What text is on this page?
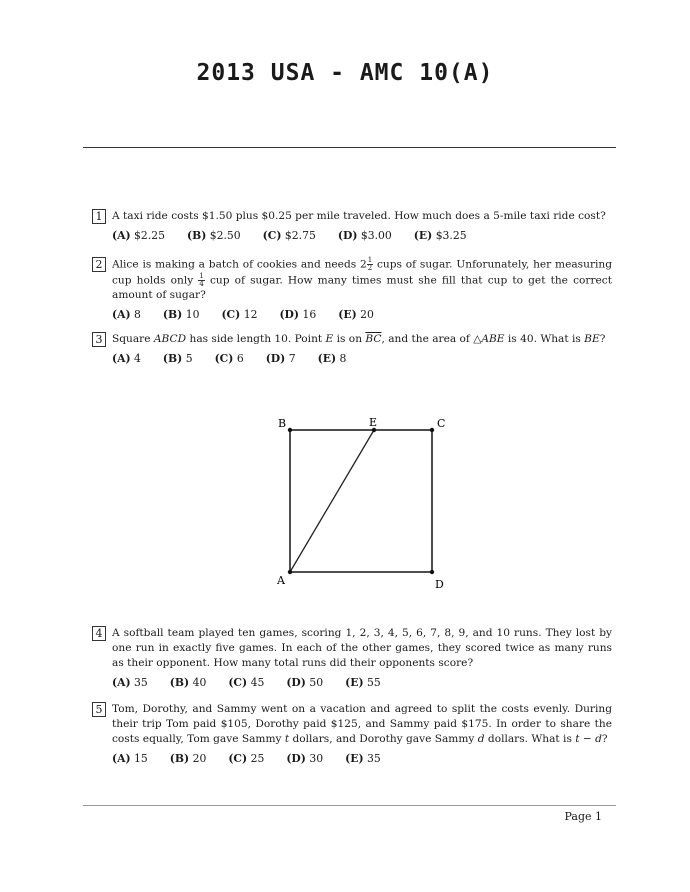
2013 USA - AMC 10(A)
1 A taxi ride costs $1.50 plus $0.25 per mile traveled. How much does a 5-mile taxi ride cost?
(A) $2.25 (B) $2.50 (C) $2.75 (D) $3.00 (E) $3.25
2 Alice is making a batch of cookies and needs $2 \frac{1}{2}$ cups of sugar. Unforunately, her measuring cup holds only $\frac{1}{4}$ cup of sugar. How many times must she fill that cup to get the correct amount of sugar?
(A) 8 (B) 10 (C) 12 (D) 16 (E) 20
3 Square ABCD has side length 10. Point E is on $\overline{BC}$, and the area of △ABE is 40. What is BE?
(A) 4 (B) 5 (C) 6 (D) 7 (E) 8
B	E	C
A	D
4 A softball team played ten games, scoring 1, 2, 3, 4, 5, 6, 7, 8, 9, and 10 runs. They lost by one run in exactly five games. In each of the other games, they scored twice as many runs as their opponent. How many total runs did their opponents score?
(A) 35 (B) 40 (C) 45 (D) 50 (E) 55
5 Tom, Dorothy, and Sammy went on a vacation and agreed to split the costs evenly. During their trip Tom paid $105, Dorothy paid $125, and Sammy paid $175. In order to share the costs equally, Tom gave Sammy t dollars, and Dorothy gave Sammy d dollars. What is t − d?
(A) 15 (B) 20 (C) 25 (D) 30 (E) 35
Page 1
